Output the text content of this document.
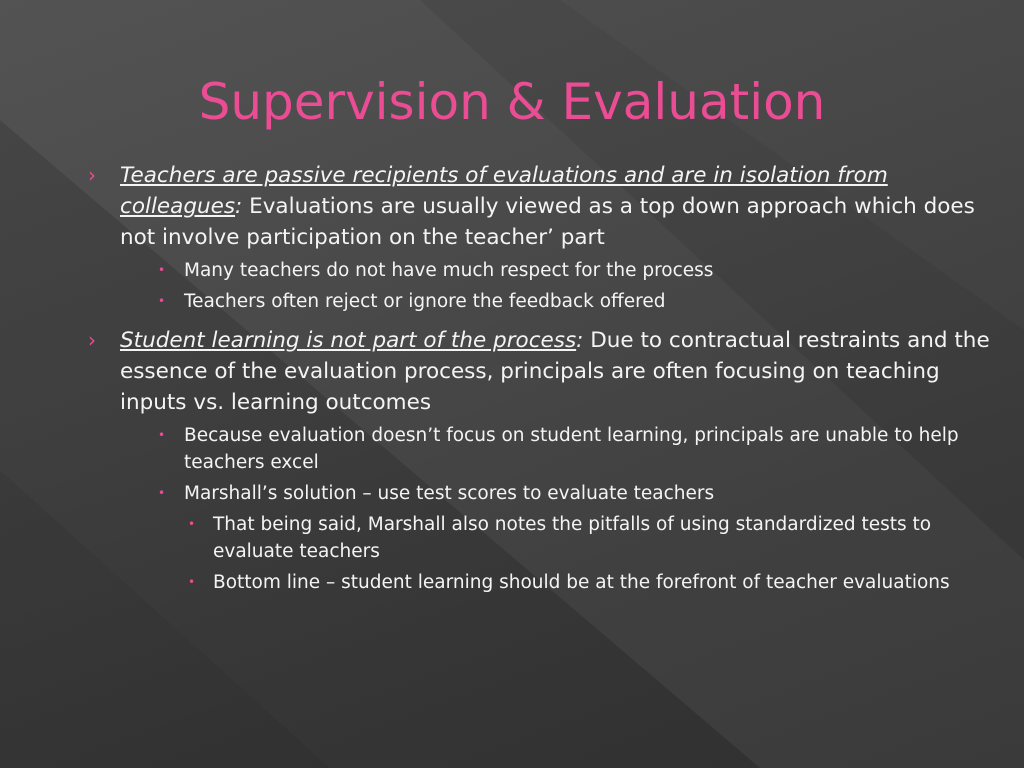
Supervision & Evaluation
› Teachers are passive recipients of evaluations and are in isolation from colleagues: Evaluations are usually viewed as a top down approach which does not involve participation on the teacher’ part
• Many teachers do not have much respect for the process
• Teachers often reject or ignore the feedback offered
› Student learning is not part of the process: Due to contractual restraints and the essence of the evaluation process, principals are often focusing on teaching inputs vs. learning outcomes
• Because evaluation doesn’t focus on student learning, principals are unable to help teachers excel
• Marshall’s solution – use test scores to evaluate teachers
• That being said, Marshall also notes the pitfalls of using standardized tests to evaluate teachers
• Bottom line – student learning should be at the forefront of teacher evaluations
